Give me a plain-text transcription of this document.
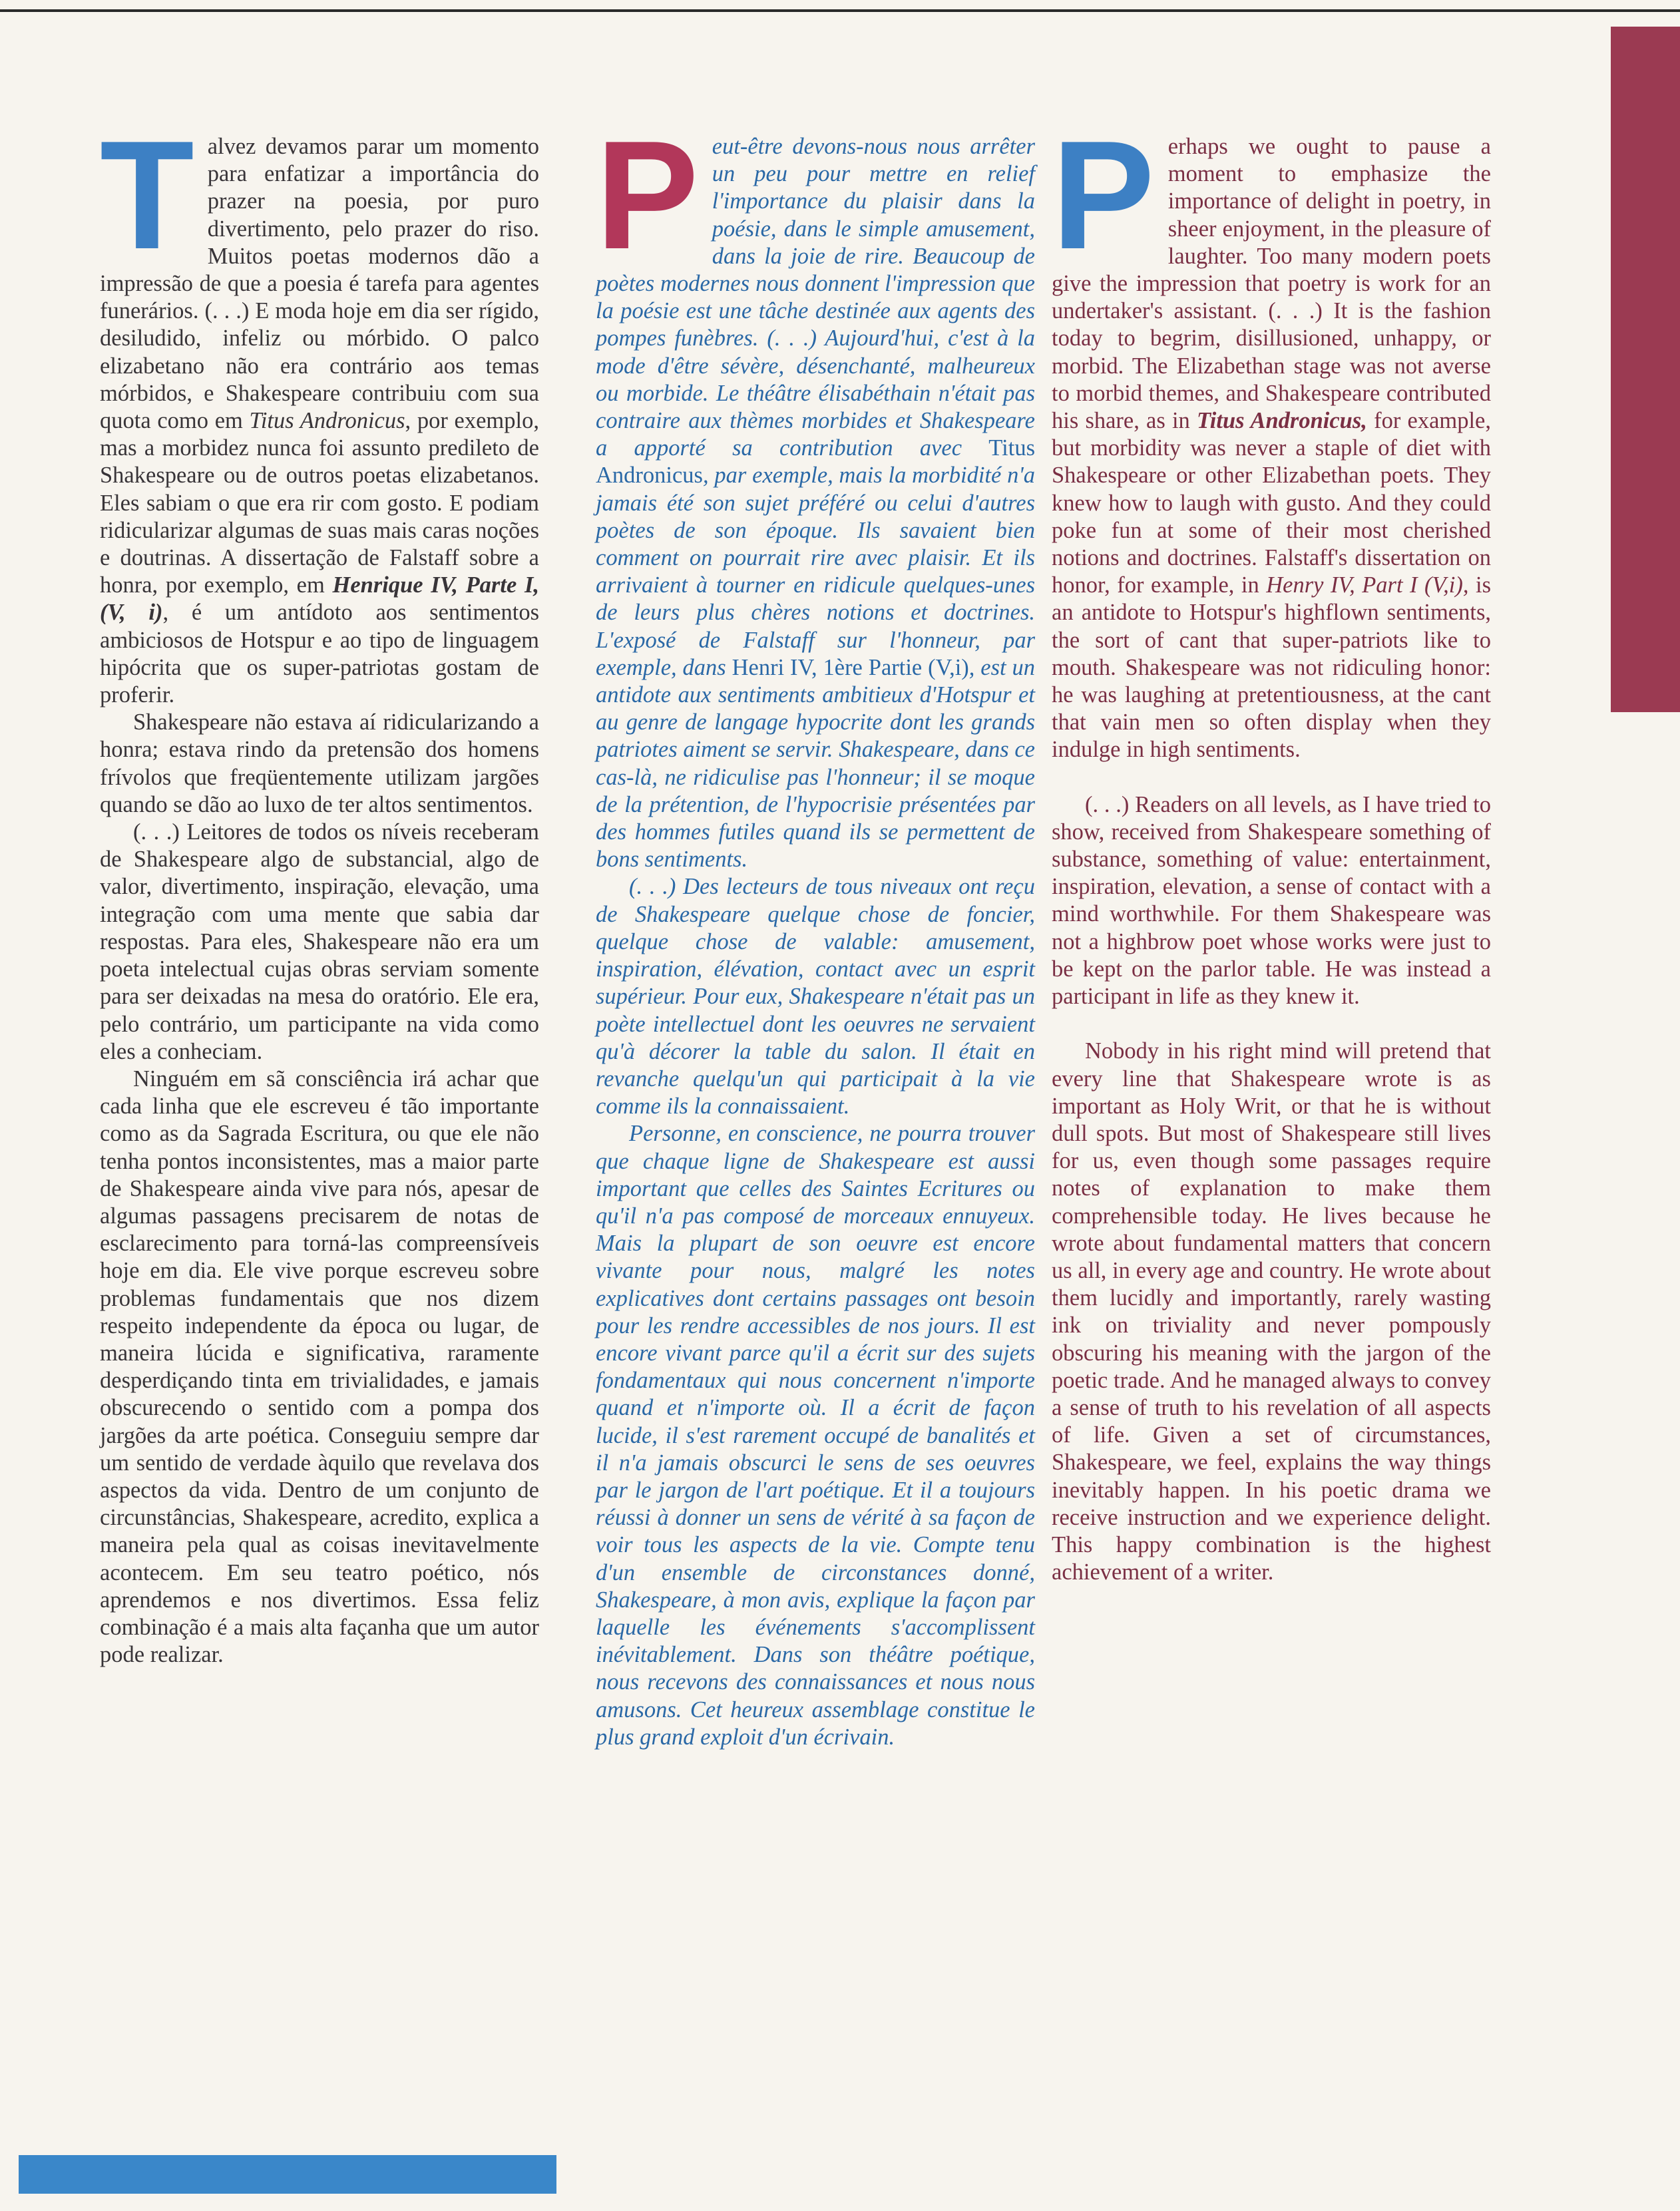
Talvez devamos parar um momento para enfatizar a importância do prazer na poesia, por puro divertimento, pelo prazer do riso. Muitos poetas modernos dão a impressão de que a poesia é tarefa para agentes funerários. (. . .) E moda hoje em dia ser rígido, desiludido, infeliz ou mórbido. O palco elizabetano não era contrário aos temas mórbidos, e Shakespeare contribuiu com sua quota como em Titus Andronicus, por exemplo, mas a morbidez nunca foi assunto predileto de Shakespeare ou de outros poetas elizabetanos. Eles sabiam o que era rir com gosto. E podiam ridicularizar algumas de suas mais caras noções e doutrinas. A dissertação de Falstaff sobre a honra, por exemplo, em Henrique IV, Parte I, (V, i), é um antídoto aos sentimentos ambiciosos de Hotspur e ao tipo de linguagem hipócrita que os super-patriotas gostam de proferir.

Shakespeare não estava aí ridicularizando a honra; estava rindo da pretensão dos homens frívolos que freqüentemente utilizam jargões quando se dão ao luxo de ter altos sentimentos.

(. . .) Leitores de todos os níveis receberam de Shakespeare algo de substancial, algo de valor, divertimento, inspiração, elevação, uma integração com uma mente que sabia dar respostas. Para eles, Shakespeare não era um poeta intelectual cujas obras serviam somente para ser deixadas na mesa do oratório. Ele era, pelo contrário, um participante na vida como eles a conheciam.

Ninguém em sã consciência irá achar que cada linha que ele escreveu é tão importante como as da Sagrada Escritura, ou que ele não tenha pontos inconsistentes, mas a maior parte de Shakespeare ainda vive para nós, apesar de algumas passagens precisarem de notas de esclarecimento para torná-las compreensíveis hoje em dia. Ele vive porque escreveu sobre problemas fundamentais que nos dizem respeito independente da época ou lugar, de maneira lúcida e significativa, raramente desperdiçando tinta em trivialidades, e jamais obscurecendo o sentido com a pompa dos jargões da arte poética. Conseguiu sempre dar um sentido de verdade àquilo que revelava dos aspectos da vida. Dentro de um conjunto de circunstâncias, Shakespeare, acredito, explica a maneira pela qual as coisas inevitavelmente acontecem. Em seu teatro poético, nós aprendemos e nos divertimos. Essa feliz combinação é a mais alta façanha que um autor pode realizar.

Peut-être devons-nous nous arrêter un peu pour mettre en relief l'importance du plaisir dans la poésie, dans le simple amusement, dans la joie de rire. Beaucoup de poètes modernes nous donnent l'impression que la poésie est une tâche destinée aux agents des pompes funèbres. (. . .) Aujourd'hui, c'est à la mode d'être sévère, désenchanté, malheureux ou morbide. Le théâtre élisabéthain n'était pas contraire aux thèmes morbides et Shakespeare a apporté sa contribution avec Titus Andronicus, par exemple, mais la morbidité n'a jamais été son sujet préféré ou celui d'autres poètes de son époque. Ils savaient bien comment on pourrait rire avec plaisir. Et ils arrivaient à tourner en ridicule quelques-unes de leurs plus chères notions et doctrines. L'exposé de Falstaff sur l'honneur, par exemple, dans Henri IV, 1ère Partie (V,i), est un antidote aux sentiments ambitieux d'Hotspur et au genre de langage hypocrite dont les grands patriotes aiment se servir. Shakespeare, dans ce cas-là, ne ridiculise pas l'honneur; il se moque de la prétention, de l'hypocrisie présentées par des hommes futiles quand ils se permettent de bons sentiments.

(. . .) Des lecteurs de tous niveaux ont reçu de Shakespeare quelque chose de foncier, quelque chose de valable: amusement, inspiration, élévation, contact avec un esprit supérieur. Pour eux, Shakespeare n'était pas un poète intellectuel dont les oeuvres ne servaient qu'à décorer la table du salon. Il était en revanche quelqu'un qui participait à la vie comme ils la connaissaient.

Personne, en conscience, ne pourra trouver que chaque ligne de Shakespeare est aussi important que celles des Saintes Ecritures ou qu'il n'a pas composé de morceaux ennuyeux. Mais la plupart de son oeuvre est encore vivante pour nous, malgré les notes explicatives dont certains passages ont besoin pour les rendre accessibles de nos jours. Il est encore vivant parce qu'il a écrit sur des sujets fondamentaux qui nous concernent n'importe quand et n'importe où. Il a écrit de façon lucide, il s'est rarement occupé de banalités et il n'a jamais obscurci le sens de ses oeuvres par le jargon de l'art poétique. Et il a toujours réussi à donner un sens de vérité à sa façon de voir tous les aspects de la vie. Compte tenu d'un ensemble de circonstances donné, Shakespeare, à mon avis, explique la façon par laquelle les événements s'accomplissent inévitablement. Dans son théâtre poétique, nous recevons des connaissances et nous nous amusons. Cet heureux assemblage constitue le plus grand exploit d'un écrivain.

Perhaps we ought to pause a moment to emphasize the importance of delight in poetry, in sheer enjoyment, in the pleasure of laughter. Too many modern poets give the impression that poetry is work for an undertaker's assistant. (. . .) It is the fashion today to begrim, disillusioned, unhappy, or morbid. The Elizabethan stage was not averse to morbid themes, and Shakespeare contributed his share, as in Titus Andronicus, for example, but morbidity was never a staple of diet with Shakespeare or other Elizabethan poets. They knew how to laugh with gusto. And they could poke fun at some of their most cherished notions and doctrines. Falstaff's dissertation on honor, for example, in Henry IV, Part I (V,i), is an antidote to Hotspur's highflown sentiments, the sort of cant that super-patriots like to mouth. Shakespeare was not ridiculing honor: he was laughing at pretentiousness, at the cant that vain men so often display when they indulge in high sentiments.

(. . .) Readers on all levels, as I have tried to show, received from Shakespeare something of substance, something of value: entertainment, inspiration, elevation, a sense of contact with a mind worthwhile. For them Shakespeare was not a highbrow poet whose works were just to be kept on the parlor table. He was instead a participant in life as they knew it.

Nobody in his right mind will pretend that every line that Shakespeare wrote is as important as Holy Writ, or that he is without dull spots. But most of Shakespeare still lives for us, even though some passages require notes of explanation to make them comprehensible today. He lives because he wrote about fundamental matters that concern us all, in every age and country. He wrote about them lucidly and importantly, rarely wasting ink on triviality and never pompously obscuring his meaning with the jargon of the poetic trade. And he managed always to convey a sense of truth to his revelation of all aspects of life. Given a set of circumstances, Shakespeare, we feel, explains the way things inevitably happen. In his poetic drama we receive instruction and we experience delight. This happy combination is the highest achievement of a writer.
